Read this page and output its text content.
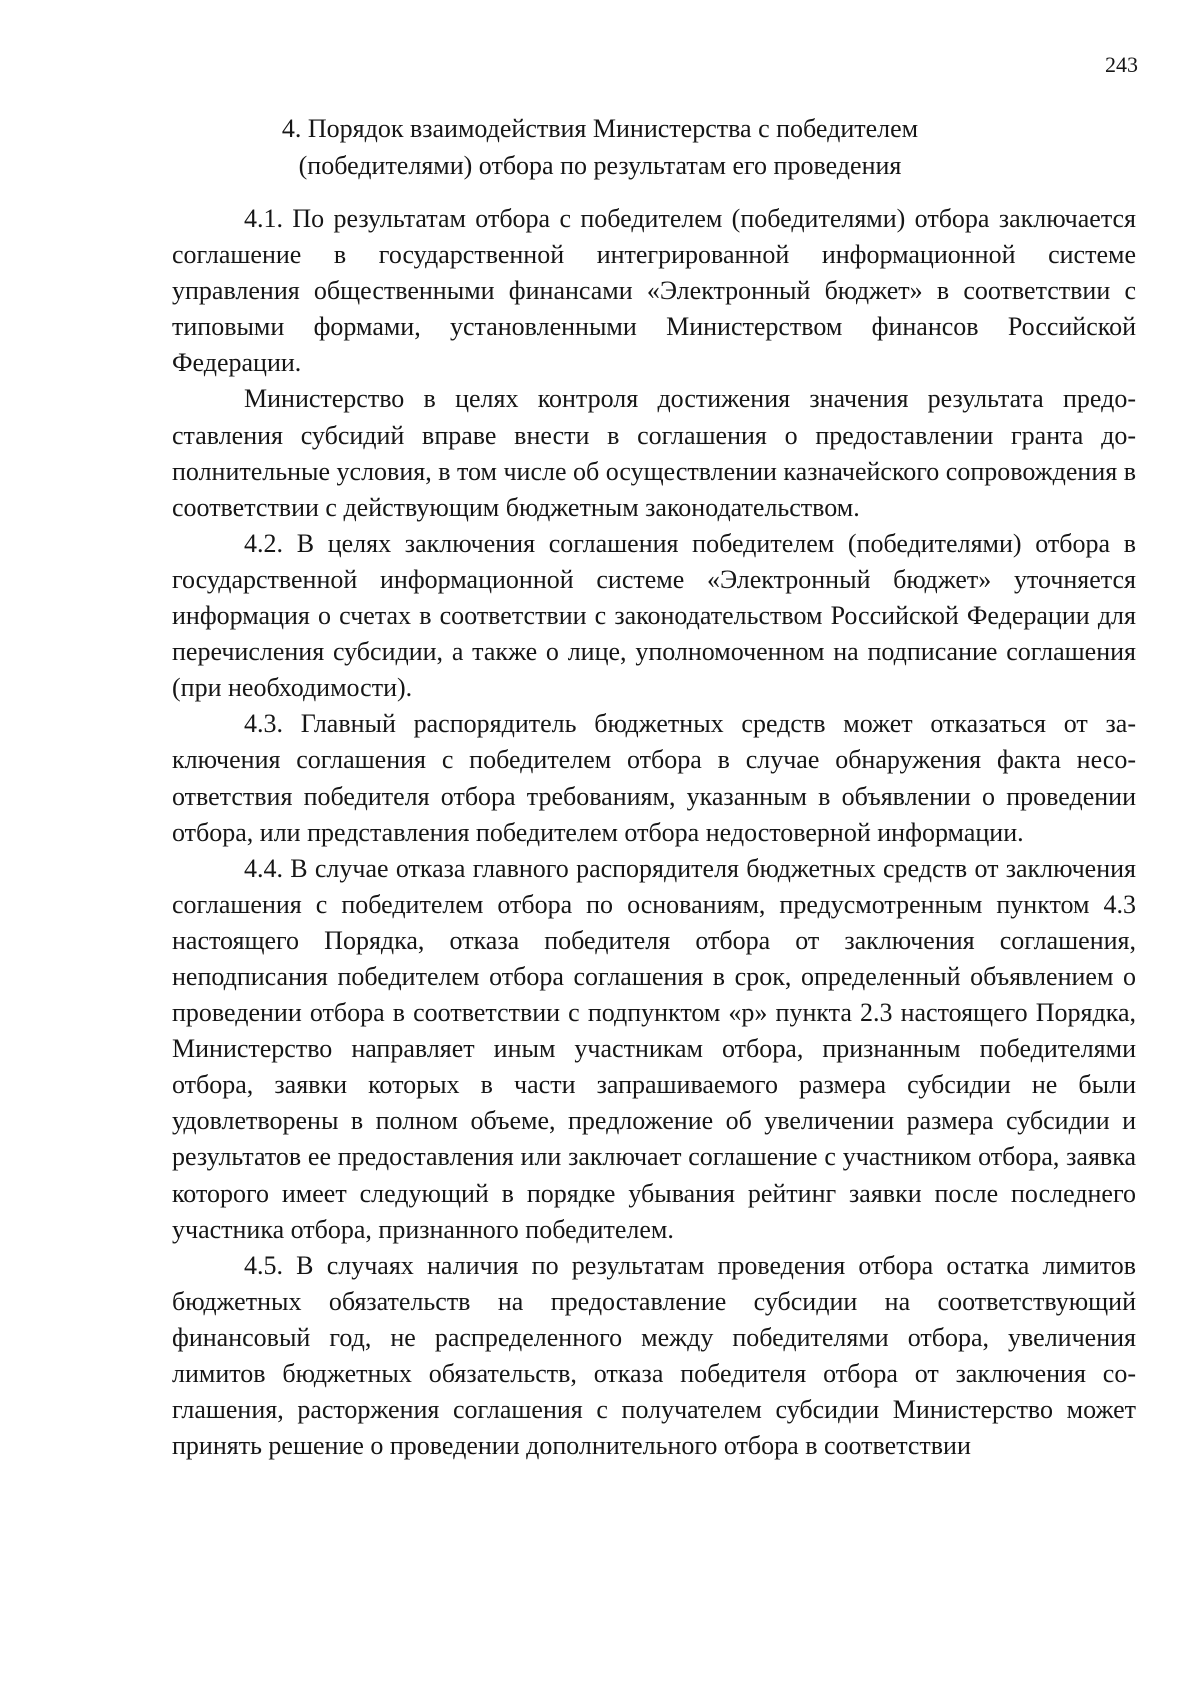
243
4. Порядок взаимодействия Министерства с победителем
(победителями) отбора по результатам его проведения

4.1. По результатам отбора с победителем (победителями) отбора заключается соглашение в государственной интегрированной информационной системе управления общественными финансами «Электронный бюджет» в соответствии с типовыми формами, установленными Министерством финансов Российской Федерации.

Министерство в целях контроля достижения значения результата предоставления субсидий вправе внести в соглашения о предоставлении гранта дополнительные условия, в том числе об осуществлении казначейского сопровождения в соответствии с действующим бюджетным законодательством.

4.2. В целях заключения соглашения победителем (победителями) отбора в государственной информационной системе «Электронный бюджет» уточняется информация о счетах в соответствии с законодательством Российской Федерации для перечисления субсидии, а также о лице, уполномоченном на подписание соглашения (при необходимости).

4.3. Главный распорядитель бюджетных средств может отказаться от заключения соглашения с победителем отбора в случае обнаружения факта несоответствия победителя отбора требованиям, указанным в объявлении о проведении отбора, или представления победителем отбора недостоверной информации.

4.4. В случае отказа главного распорядителя бюджетных средств от заключения соглашения с победителем отбора по основаниям, предусмотренным пунктом 4.3 настоящего Порядка, отказа победителя отбора от заключения соглашения, неподписания победителем отбора соглашения в срок, определенный объявлением о проведении отбора в соответствии с подпунктом «р» пункта 2.3 настоящего Порядка, Министерство направляет иным участникам отбора, признанным победителями отбора, заявки которых в части запрашиваемого размера субсидии не были удовлетворены в полном объеме, предложение об увеличении размера субсидии и результатов ее предоставления или заключает соглашение с участником отбора, заявка которого имеет следующий в порядке убывания рейтинг заявки после последнего участника отбора, признанного победителем.

4.5. В случаях наличия по результатам проведения отбора остатка лимитов бюджетных обязательств на предоставление субсидии на соответствующий финансовый год, не распределенного между победителями отбора, увеличения лимитов бюджетных обязательств, отказа победителя отбора от заключения соглашения, расторжения соглашения с получателем субсидии Министерство может принять решение о проведении дополнительного отбора в соответствии
